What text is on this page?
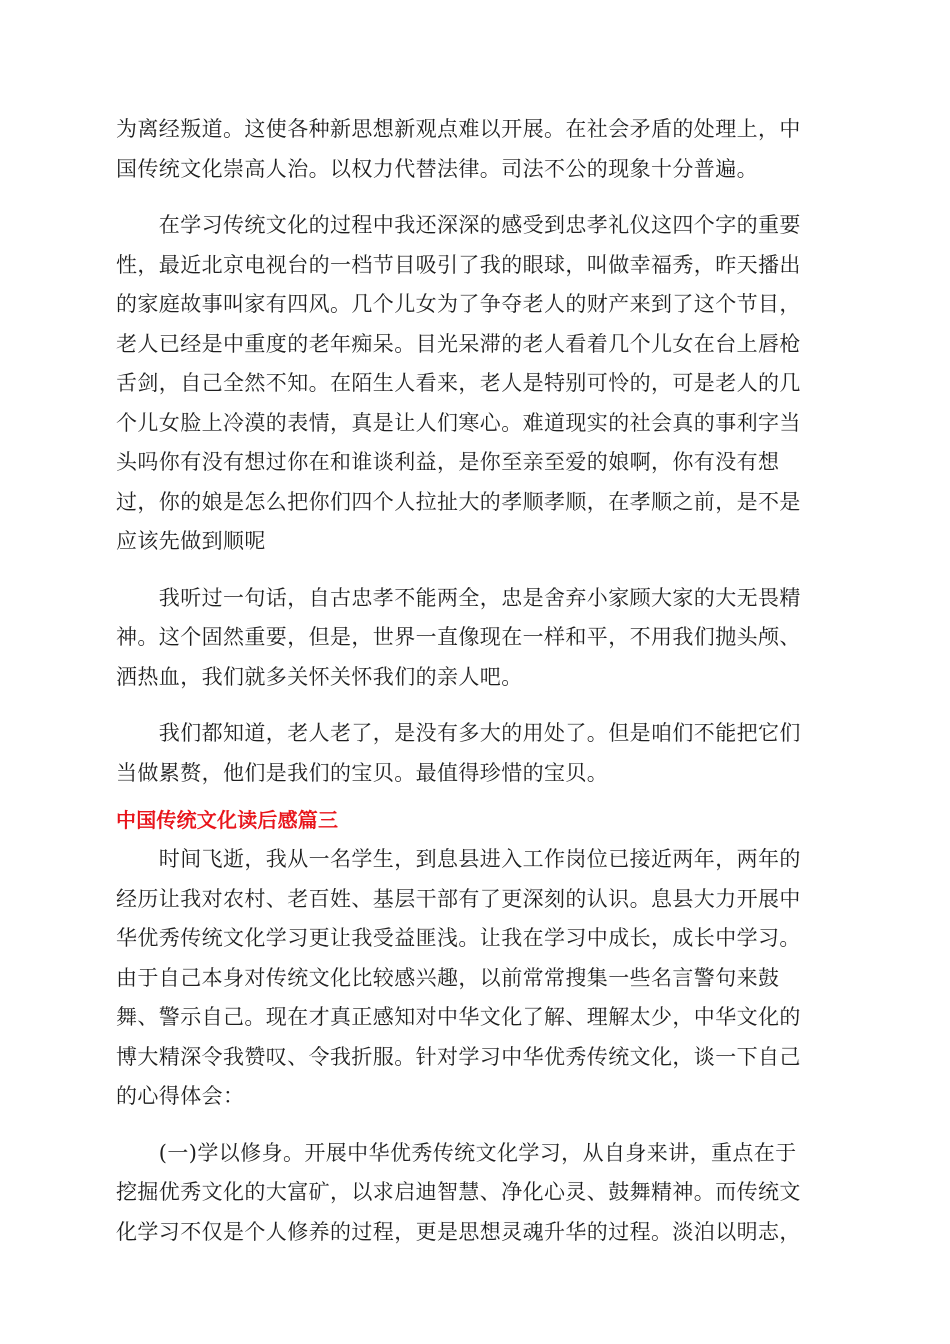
为离经叛道。这使各种新思想新观点难以开展。在社会矛盾的处理上，中
国传统文化崇高人治。以权力代替法律。司法不公的现象十分普遍。
　　在学习传统文化的过程中我还深深的感受到忠孝礼仪这四个字的重要
性，最近北京电视台的一档节目吸引了我的眼球，叫做幸福秀，昨天播出
的家庭故事叫家有四风。几个儿女为了争夺老人的财产来到了这个节目，
老人已经是中重度的老年痴呆。目光呆滞的老人看着几个儿女在台上唇枪
舌剑，自己全然不知。在陌生人看来，老人是特别可怜的，可是老人的几
个儿女脸上冷漠的表情，真是让人们寒心。难道现实的社会真的事利字当
头吗你有没有想过你在和谁谈利益，是你至亲至爱的娘啊，你有没有想
过，你的娘是怎么把你们四个人拉扯大的孝顺孝顺，在孝顺之前，是不是
应该先做到顺呢
　　我听过一句话，自古忠孝不能两全，忠是舍弃小家顾大家的大无畏精
神。这个固然重要，但是，世界一直像现在一样和平，不用我们抛头颅、
洒热血，我们就多关怀关怀我们的亲人吧。
　　我们都知道，老人老了，是没有多大的用处了。但是咱们不能把它们
当做累赘，他们是我们的宝贝。最值得珍惜的宝贝。
中国传统文化读后感篇三
　　时间飞逝，我从一名学生，到息县进入工作岗位已接近两年，两年的
经历让我对农村、老百姓、基层干部有了更深刻的认识。息县大力开展中
华优秀传统文化学习更让我受益匪浅。让我在学习中成长，成长中学习。
由于自己本身对传统文化比较感兴趣，以前常常搜集一些名言警句来鼓
舞、警示自己。现在才真正感知对中华文化了解、理解太少，中华文化的
博大精深令我赞叹、令我折服。针对学习中华优秀传统文化，谈一下自己
的心得体会：
　　(一)学以修身。开展中华优秀传统文化学习，从自身来讲，重点在于
挖掘优秀文化的大富矿，以求启迪智慧、净化心灵、鼓舞精神。而传统文
化学习不仅是个人修养的过程，更是思想灵魂升华的过程。淡泊以明志，
